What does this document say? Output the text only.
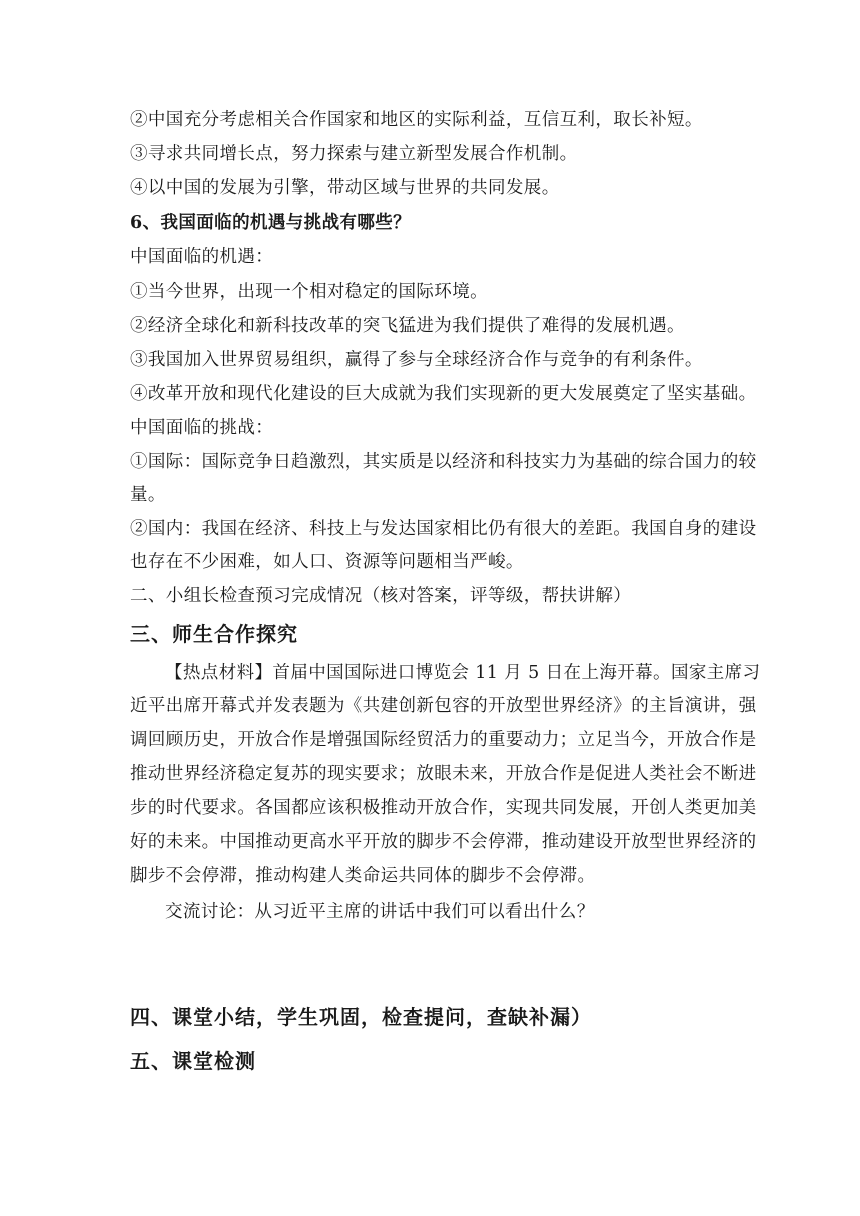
②中国充分考虑相关合作国家和地区的实际利益，互信互利，取长补短。
③寻求共同增长点，努力探索与建立新型发展合作机制。
④以中国的发展为引擎，带动区域与世界的共同发展。
6、我国面临的机遇与挑战有哪些？
中国面临的机遇：
①当今世界，出现一个相对稳定的国际环境。
②经济全球化和新科技改革的突飞猛进为我们提供了难得的发展机遇。
③我国加入世界贸易组织，赢得了参与全球经济合作与竞争的有利条件。
④改革开放和现代化建设的巨大成就为我们实现新的更大发展奠定了坚实基础。
中国面临的挑战：
①国际：国际竞争日趋激烈，其实质是以经济和科技实力为基础的综合国力的较
量。
②国内：我国在经济、科技上与发达国家相比仍有很大的差距。我国自身的建设
也存在不少困难，如人口、资源等问题相当严峻。
二、小组长检查预习完成情况（核对答案，评等级，帮扶讲解）
三、师生合作探究
【热点材料】首届中国国际进口博览会 11 月 5 日在上海开幕。国家主席习
近平出席开幕式并发表题为《共建创新包容的开放型世界经济》的主旨演讲，强
调回顾历史，开放合作是增强国际经贸活力的重要动力；立足当今，开放合作是
推动世界经济稳定复苏的现实要求；放眼未来，开放合作是促进人类社会不断进
步的时代要求。各国都应该积极推动开放合作，实现共同发展，开创人类更加美
好的未来。中国推动更高水平开放的脚步不会停滞，推动建设开放型世界经济的
脚步不会停滞，推动构建人类命运共同体的脚步不会停滞。
交流讨论：从习近平主席的讲话中我们可以看出什么？
四、课堂小结，学生巩固，检查提问，查缺补漏）
五、课堂检测
